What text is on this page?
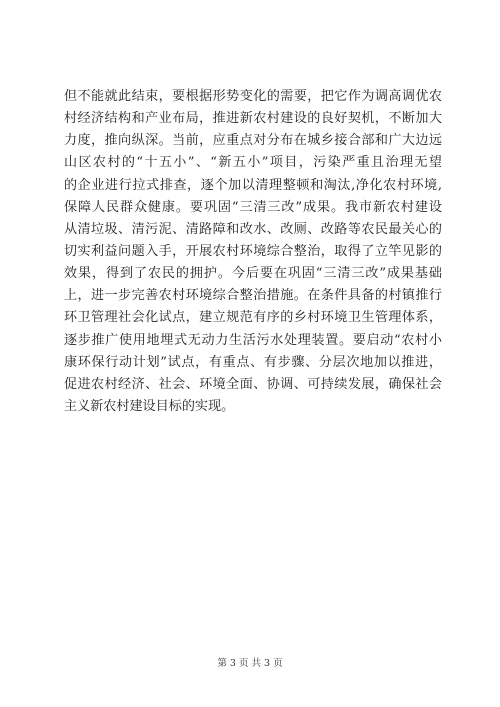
但不能就此结束，要根据形势变化的需要，把它作为调高调优农
村经济结构和产业布局，推进新农村建设的良好契机，不断加大
力度，推向纵深。当前，应重点对分布在城乡接合部和广大边远
山区农村的“十五小”、“新五小”项目，污染严重且治理无望
的企业进行拉式排查，逐个加以清理整顿和淘汰,净化农村环境,
保障人民群众健康。要巩固“三清三改”成果。我市新农村建设
从清垃圾、清污泥、清路障和改水、改厕、改路等农民最关心的
切实利益问题入手，开展农村环境综合整治，取得了立竿见影的
效果，得到了农民的拥护。今后要在巩固“三清三改”成果基础
上，进一步完善农村环境综合整治措施。在条件具备的村镇推行
环卫管理社会化试点，建立规范有序的乡村环境卫生管理体系，
逐步推广使用地埋式无动力生活污水处理装置。要启动“农村小
康环保行动计划”试点，有重点、有步骤、分层次地加以推进，
促进农村经济、社会、环境全面、协调、可持续发展，确保社会
主义新农村建设目标的实现。
第 3 页 共 3 页
